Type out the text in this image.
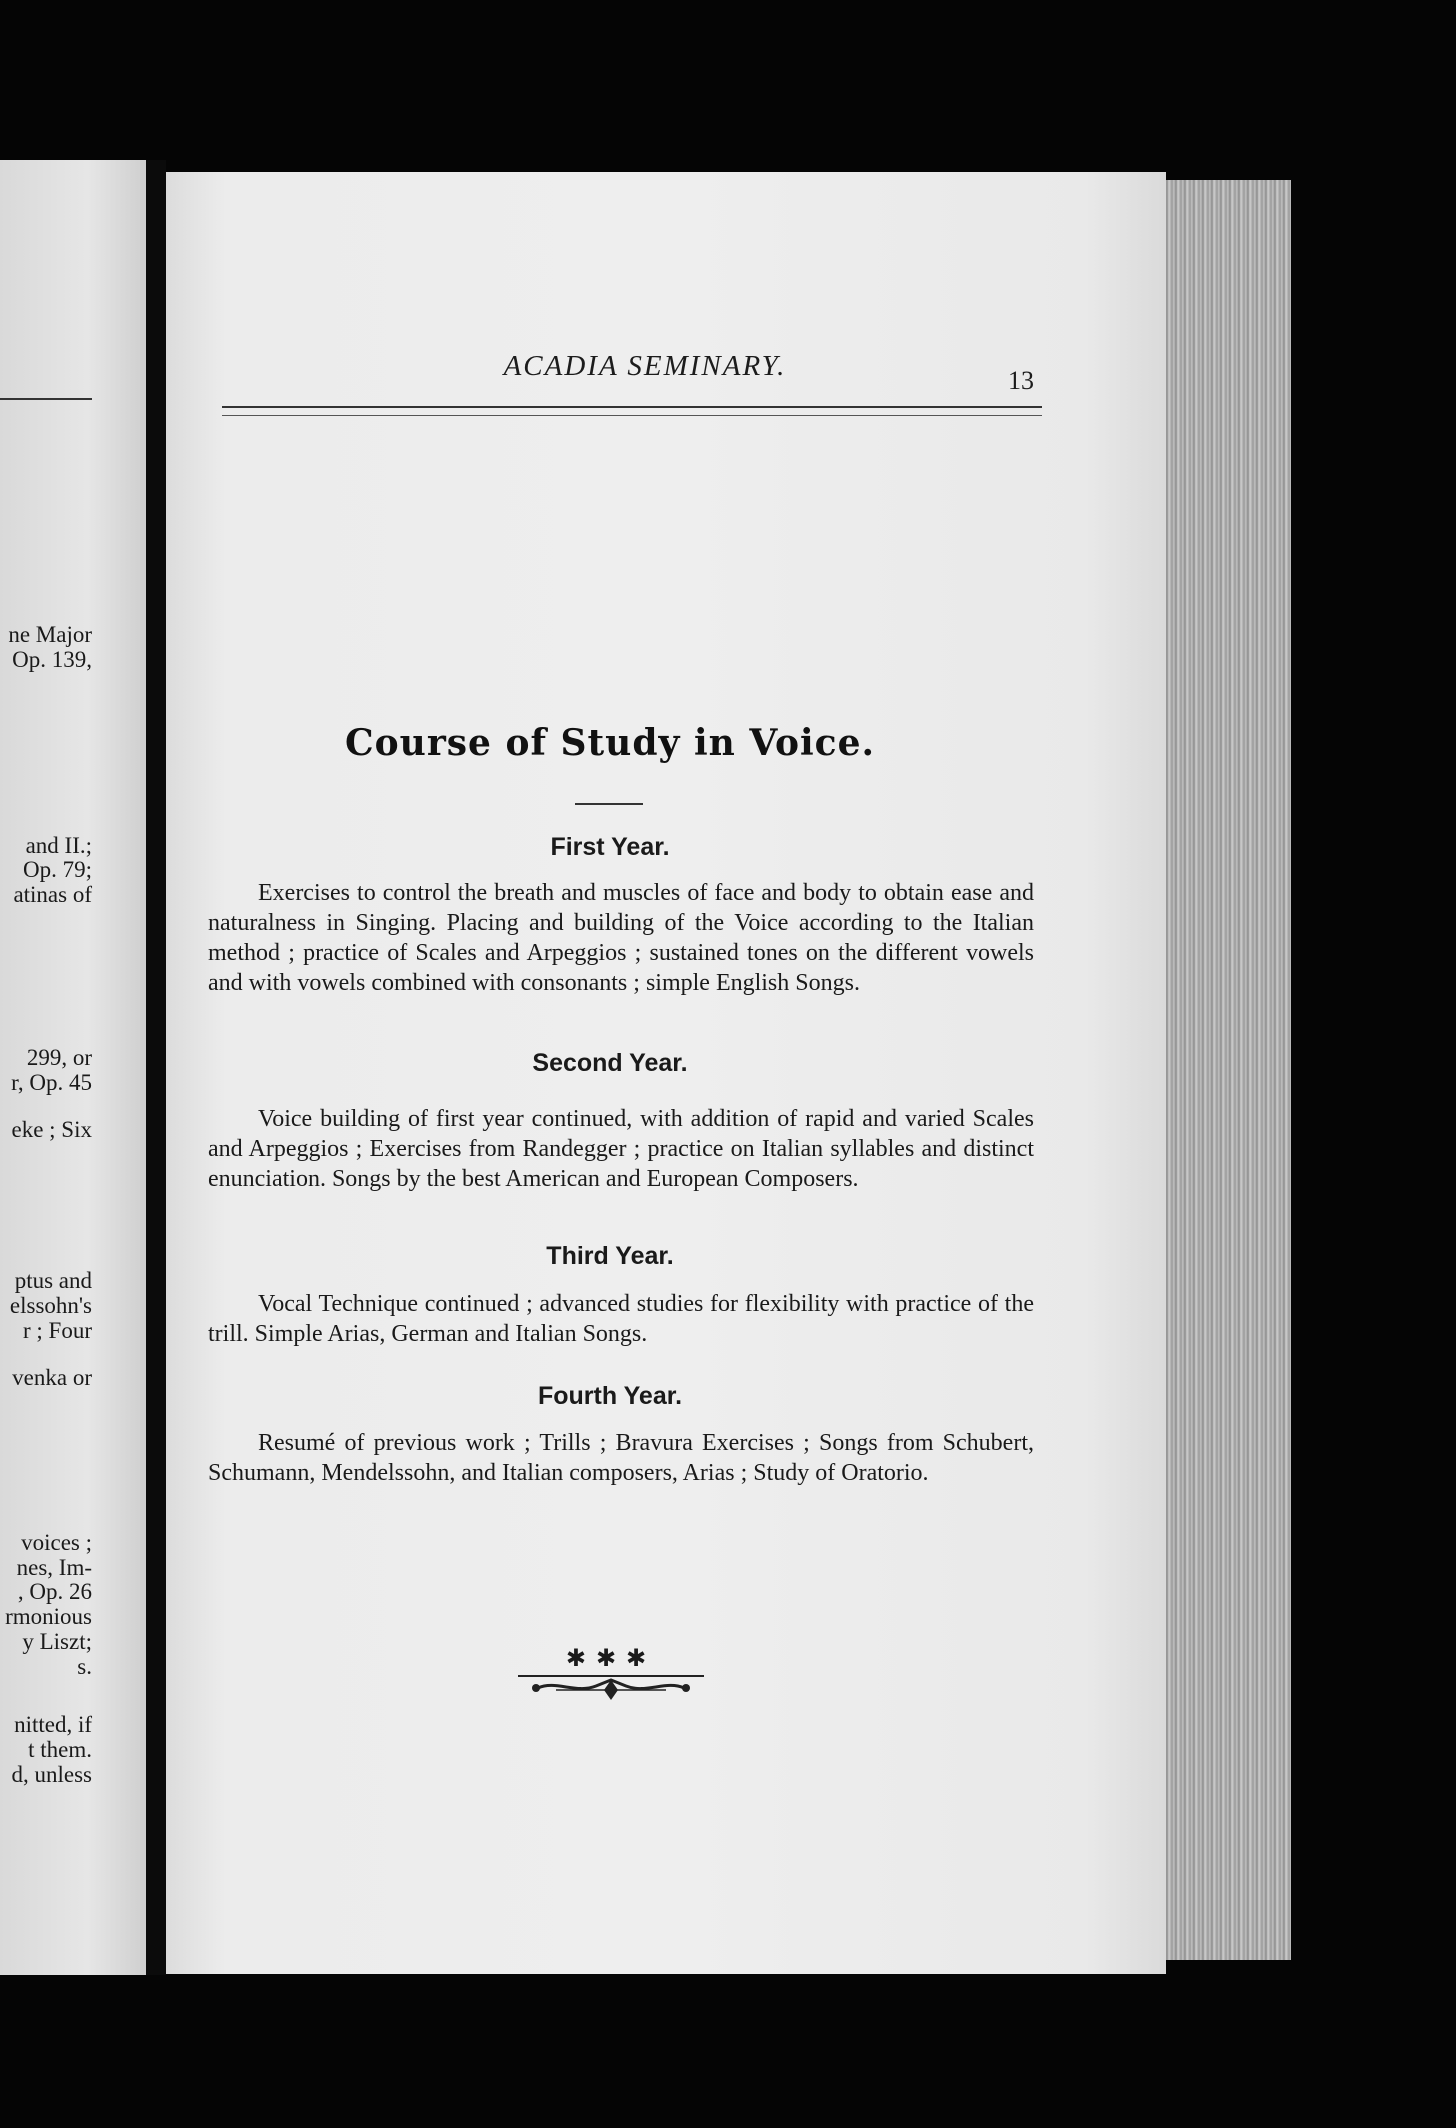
ne Major
Op. 139,
and II.;
Op. 79;
atinas of
299, or
r, Op. 45
eke ; Six
ptus and
elssohn's
r ; Four
venka or
voices ;
nes, Im-
, Op. 26
rmonious
y Liszt;
s.
nitted, if
t them.
d, unless
ACADIA SEMINARY.	13
Course of Study in Voice.
First Year.
Exercises to control the breath and muscles of face and body to obtain ease and naturalness in Singing. Placing and building of the Voice according to the Italian method ; practice of Scales and Arpeggios ; sustained tones on the different vowels and with vowels combined with consonants ; simple English Songs.
Second Year.
Voice building of first year continued, with addition of rapid and varied Scales and Arpeggios ; Exercises from Randegger ; practice on Italian syllables and distinct enunciation. Songs by the best American and European Composers.
Third Year.
Vocal Technique continued ; advanced studies for flexibility with practice of the trill. Simple Arias, German and Italian Songs.
Fourth Year.
Resumé of previous work ; Trills ; Bravura Exercises ; Songs from Schubert, Schumann, Mendelssohn, and Italian composers, Arias ; Study of Oratorio.
✱✱✱
